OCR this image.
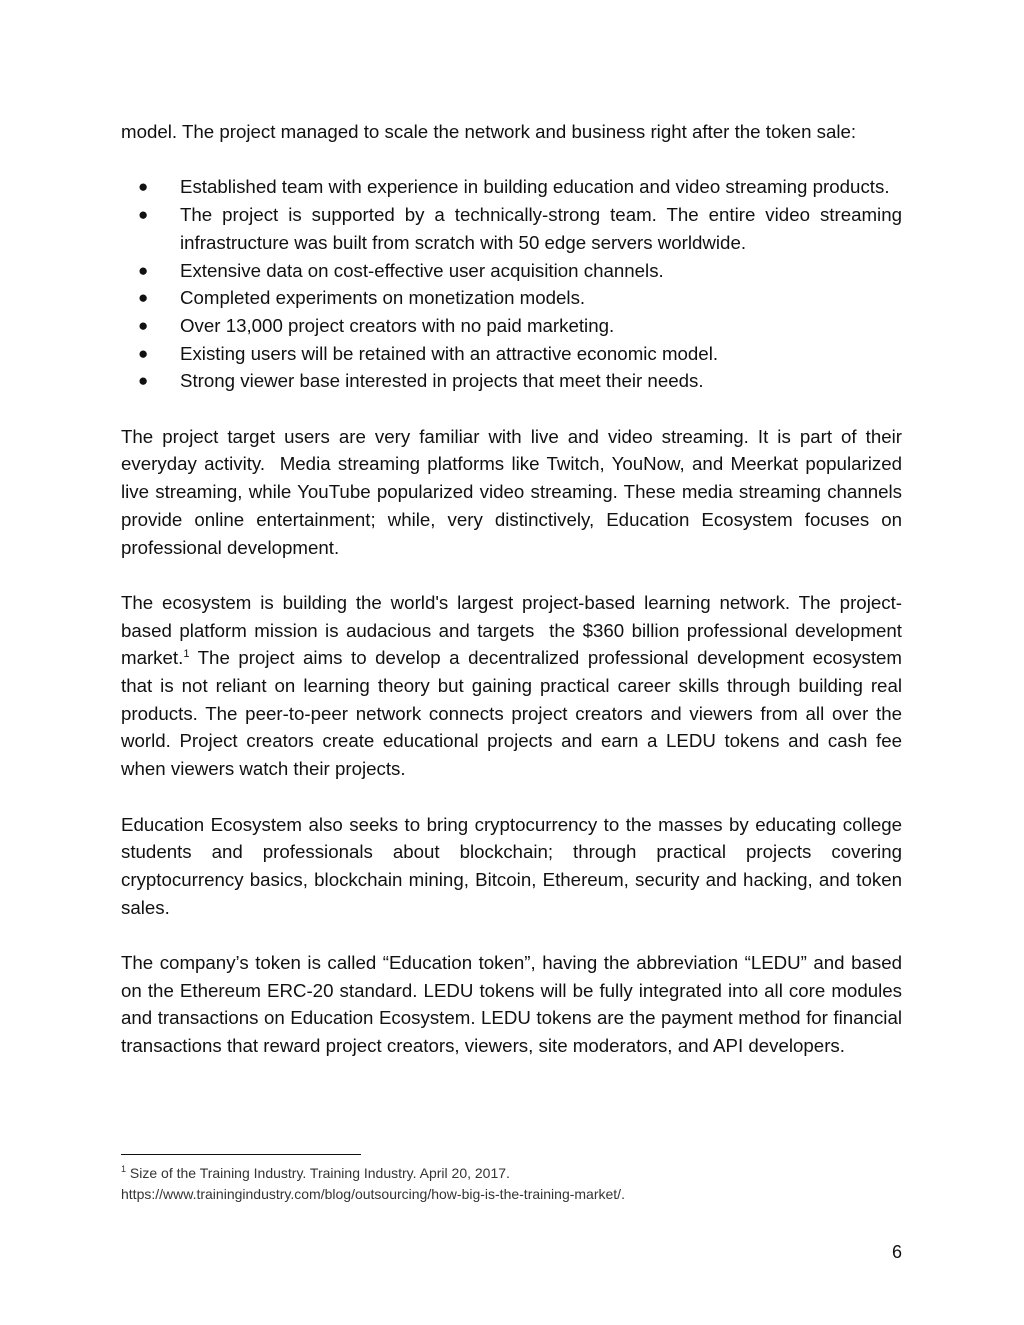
model. The project managed to scale the network and business right after the token sale:

● Established team with experience in building education and video streaming products.
● The project is supported by a technically-strong team. The entire video streaming infrastructure was built from scratch with 50 edge servers worldwide.
● Extensive data on cost-effective user acquisition channels.
● Completed experiments on monetization models.
● Over 13,000 project creators with no paid marketing.
● Existing users will be retained with an attractive economic model.
● Strong viewer base interested in projects that meet their needs.

The project target users are very familiar with live and video streaming. It is part of their everyday activity.  Media streaming platforms like Twitch, YouNow, and Meerkat popularized live streaming, while YouTube popularized video streaming. These media streaming channels provide online entertainment; while, very distinctively, Education Ecosystem focuses on professional development.

The ecosystem is building the world's largest project-based learning network. The project-based platform mission is audacious and targets  the $360 billion professional development market.$^1$ The project aims to develop a decentralized professional development ecosystem that is not reliant on learning theory but gaining practical career skills through building real products. The peer-to-peer network connects project creators and viewers from all over the world. Project creators create educational projects and earn a LEDU tokens and cash fee when viewers watch their projects.

Education Ecosystem also seeks to bring cryptocurrency to the masses by educating college students and professionals about blockchain; through practical projects covering cryptocurrency basics, blockchain mining, Bitcoin, Ethereum, security and hacking, and token sales.

The company’s token is called “Education token”, having the abbreviation “LEDU” and based on the Ethereum ERC-20 standard. LEDU tokens will be fully integrated into all core modules and transactions on Education Ecosystem. LEDU tokens are the payment method for financial transactions that reward project creators, viewers, site moderators, and API developers.

$^1$ Size of the Training Industry. Training Industry. April 20, 2017.
https://www.trainingindustry.com/blog/outsourcing/how-big-is-the-training-market/.
6
